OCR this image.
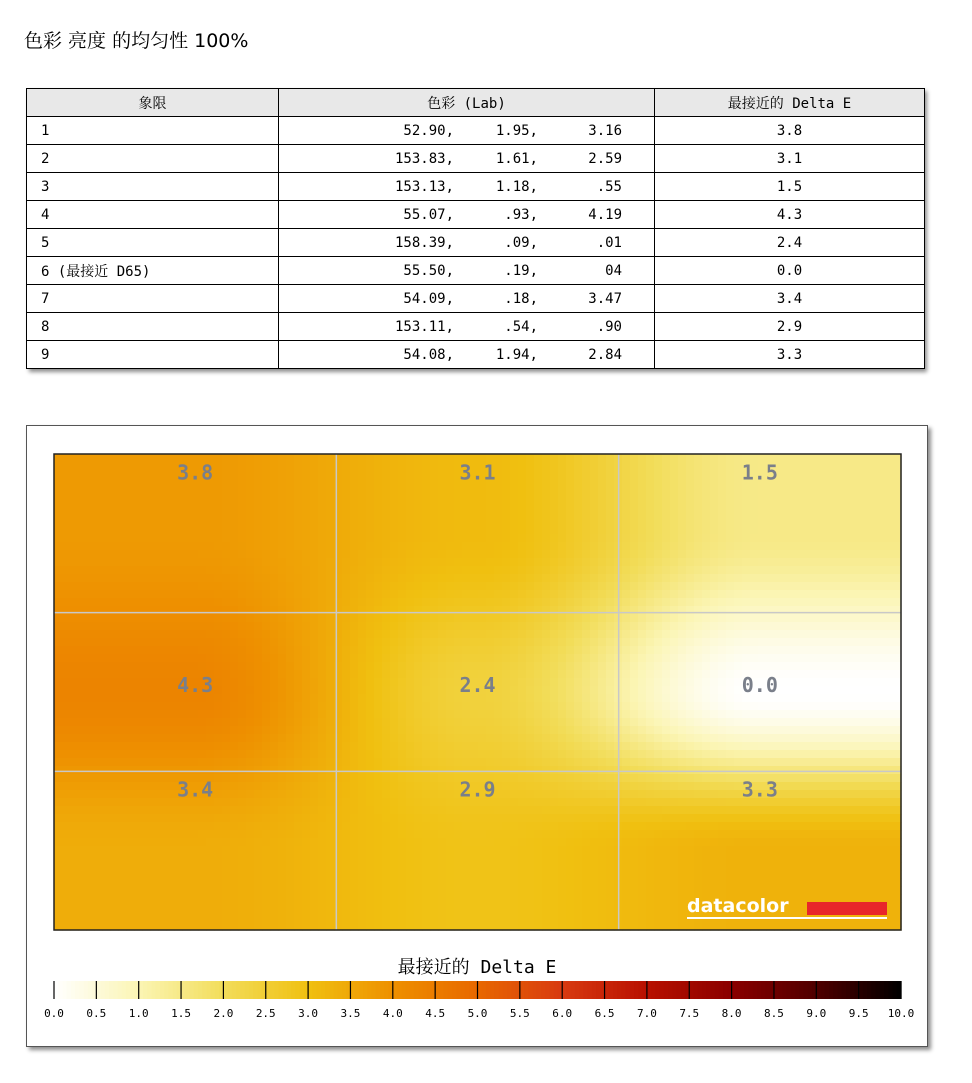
色彩 亮度 的均匀性 100%
象限	色彩 (Lab)	最接近的 Delta E
1	52.90, 1.95, 3.16	3.8
2	153.83, 1.61, 2.59	3.1
3	153.13, 1.18, .55	1.5
4	55.07, .93, 4.19	4.3
5	158.39, .09, .01	2.4
6 (最接近 D65)	55.50, .19, 04	0.0
7	54.09, .18, 3.47	3.4
8	153.11, .54, .90	2.9
9	54.08, 1.94, 2.84	3.3
3.8	3.1	1.5
4.3	2.4	0.0
3.4	2.9	3.3
datacolor
0.0 0.5 1.0 1.5 2.0 2.5 3.0 3.5 4.0 4.5 5.0 5.5 6.0 6.5 7.0 7.5 8.0 8.5 9.0 9.5 10.0
最接近的 Delta E
